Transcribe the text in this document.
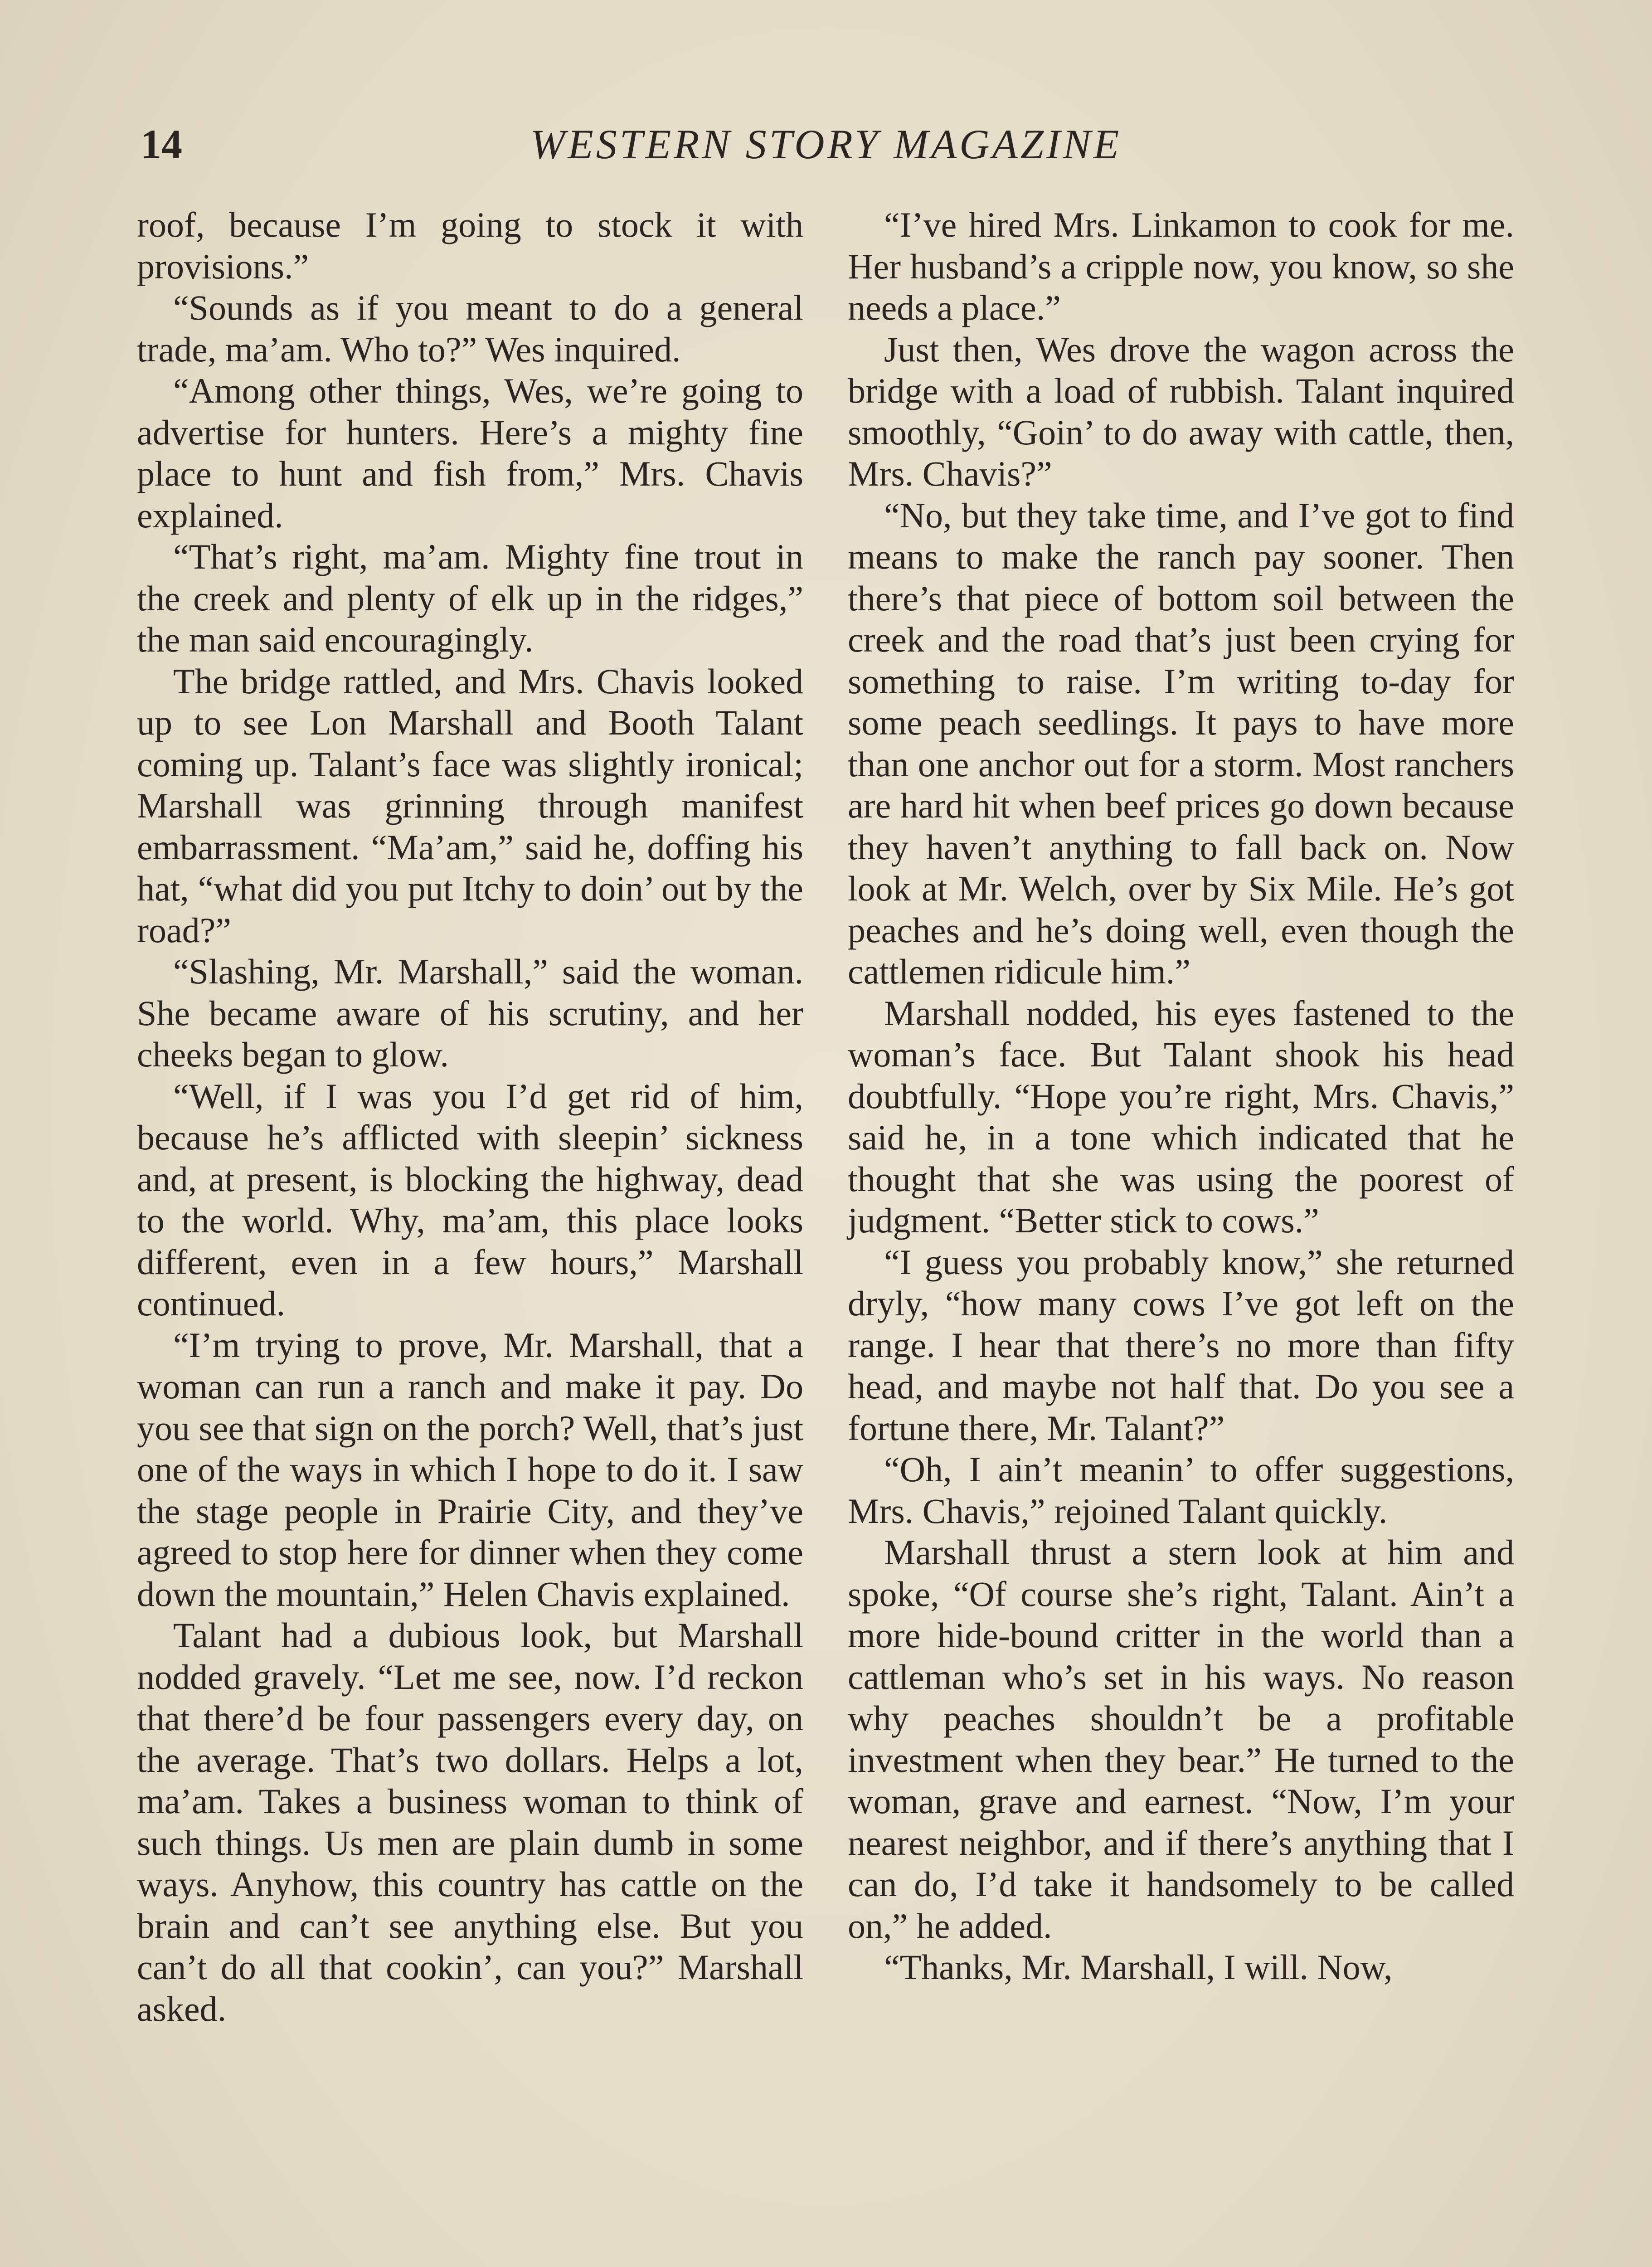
14	WESTERN STORY MAGAZINE

roof, because I’m going to stock it with provisions.”

“Sounds as if you meant to do a general trade, ma’am. Who to?” Wes inquired.

“Among other things, Wes, we’re going to advertise for hunters. Here’s a mighty fine place to hunt and fish from,” Mrs. Chavis explained.

“That’s right, ma’am. Mighty fine trout in the creek and plenty of elk up in the ridges,” the man said encouragingly.

The bridge rattled, and Mrs. Chavis looked up to see Lon Marshall and Booth Talant coming up. Talant’s face was slightly ironical; Marshall was grinning through manifest embarrassment. “Ma’am,” said he, doffing his hat, “what did you put Itchy to doin’ out by the road?”

“Slashing, Mr. Marshall,” said the woman. She became aware of his scrutiny, and her cheeks began to glow.

“Well, if I was you I’d get rid of him, because he’s afflicted with sleepin’ sickness and, at present, is blocking the highway, dead to the world. Why, ma’am, this place looks different, even in a few hours,” Marshall continued.

“I’m trying to prove, Mr. Marshall, that a woman can run a ranch and make it pay. Do you see that sign on the porch? Well, that’s just one of the ways in which I hope to do it. I saw the stage people in Prairie City, and they’ve agreed to stop here for dinner when they come down the mountain,” Helen Chavis explained.

Talant had a dubious look, but Marshall nodded gravely. “Let me see, now. I’d reckon that there’d be four passengers every day, on the average. That’s two dollars. Helps a lot, ma’am. Takes a business woman to think of such things. Us men are plain dumb in some ways. Anyhow, this country has cattle on the brain and can’t see anything else. But you can’t do all that cookin’, can you?” Marshall asked.

“I’ve hired Mrs. Linkamon to cook for me. Her husband’s a cripple now, you know, so she needs a place.”

Just then, Wes drove the wagon across the bridge with a load of rubbish. Talant inquired smoothly, “Goin’ to do away with cattle, then, Mrs. Chavis?”

“No, but they take time, and I’ve got to find means to make the ranch pay sooner. Then there’s that piece of bottom soil between the creek and the road that’s just been crying for something to raise. I’m writing to-day for some peach seedlings. It pays to have more than one anchor out for a storm. Most ranchers are hard hit when beef prices go down because they haven’t anything to fall back on. Now look at Mr. Welch, over by Six Mile. He’s got peaches and he’s doing well, even though the cattlemen ridicule him.”

Marshall nodded, his eyes fastened to the woman’s face. But Talant shook his head doubtfully. “Hope you’re right, Mrs. Chavis,” said he, in a tone which indicated that he thought that she was using the poorest of judgment. “Better stick to cows.”

“I guess you probably know,” she returned dryly, “how many cows I’ve got left on the range. I hear that there’s no more than fifty head, and maybe not half that. Do you see a fortune there, Mr. Talant?”

“Oh, I ain’t meanin’ to offer suggestions, Mrs. Chavis,” rejoined Talant quickly.

Marshall thrust a stern look at him and spoke, “Of course she’s right, Talant. Ain’t a more hide-bound critter in the world than a cattleman who’s set in his ways. No reason why peaches shouldn’t be a profitable investment when they bear.” He turned to the woman, grave and earnest. “Now, I’m your nearest neighbor, and if there’s anything that I can do, I’d take it handsomely to be called on,” he added.

“Thanks, Mr. Marshall, I will. Now,
